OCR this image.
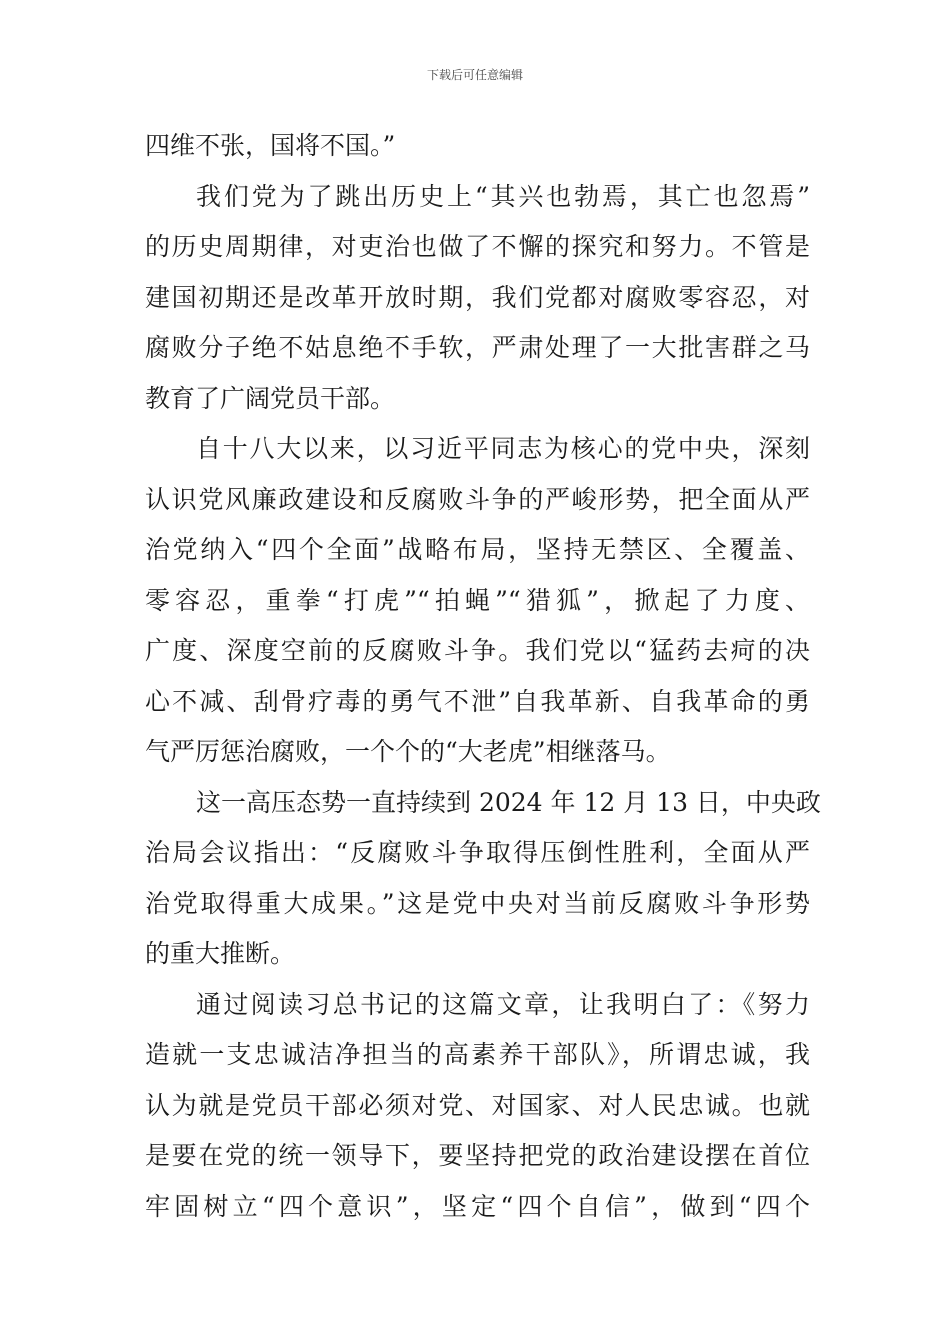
下载后可任意编辑
四维不张，国将不国。”
我们党为了跳出历史上“其兴也勃焉，其亡也忽焉”
的历史周期律，对吏治也做了不懈的探究和努力。不管是
建国初期还是改革开放时期，我们党都对腐败零容忍，对
腐败分子绝不姑息绝不手软，严肃处理了一大批害群之马
教育了广阔党员干部。
自十八大以来，以习近平同志为核心的党中央，深刻
认识党风廉政建设和反腐败斗争的严峻形势，把全面从严
治党纳入“四个全面”战略布局，坚持无禁区、全覆盖、
零容忍，重拳“打虎”“拍蝇”“猎狐”，掀起了力度、
广度、深度空前的反腐败斗争。我们党以“猛药去疴的决
心不减、刮骨疗毒的勇气不泄”自我革新、自我革命的勇
气严厉惩治腐败，一个个的“大老虎”相继落马。
这一高压态势一直持续到 2024 年 12 月 13 日，中央政
治局会议指出：“反腐败斗争取得压倒性胜利，全面从严
治党取得重大成果。”这是党中央对当前反腐败斗争形势
的重大推断。
通过阅读习总书记的这篇文章，让我明白了：《努力
造就一支忠诚洁净担当的高素养干部队》，所谓忠诚，我
认为就是党员干部必须对党、对国家、对人民忠诚。也就
是要在党的统一领导下，要坚持把党的政治建设摆在首位
牢固树立“四个意识”，坚定“四个自信”，做到“四个
